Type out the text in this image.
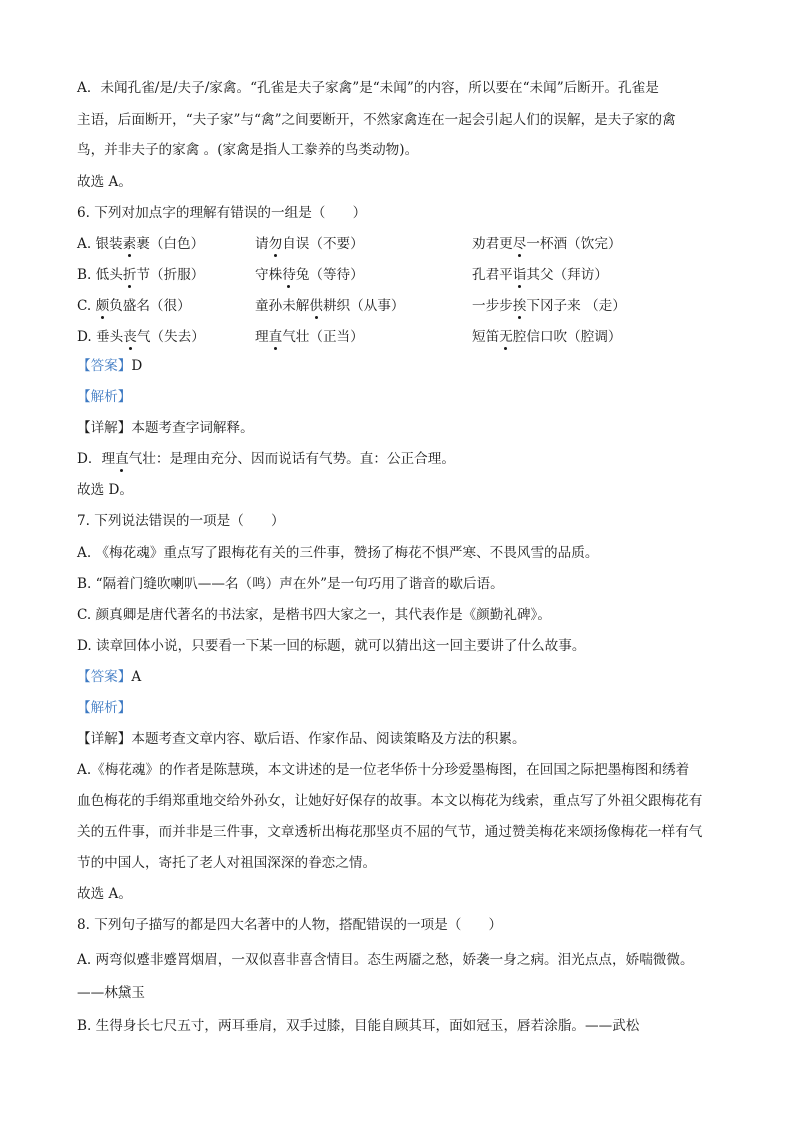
A．未闻孔雀/是/夫子/家禽。“孔雀是夫子家禽”是“未闻”的内容，所以要在“未闻”后断开。孔雀是
主语，后面断开，“夫子家”与“禽”之间要断开，不然家禽连在一起会引起人们的误解，是夫子家的禽
鸟，并非夫子的家禽 。(家禽是指人工豢养的鸟类动物)。
故选 A。
6. 下列对加点字的理解有错误的一组是（　　）
A. 银装素裹（白色）	请勿自误（不要）	劝君更尽一杯酒（饮完）
B. 低头折节（折服）	守株待兔（等待）	孔君平诣其父（拜访）
C. 颇负盛名（很）	童孙未解供耕织（从事）	一步步挨下冈子来 （走）
D. 垂头丧气（失去）	理直气壮（正当）	短笛无腔信口吹（腔调）
【答案】D
【解析】
【详解】本题考查字词解释。
D．理直气壮：是理由充分、因而说话有气势。直：公正合理。
故选 D。
7. 下列说法错误的一项是（　　）
A. 《梅花魂》重点写了跟梅花有关的三件事，赞扬了梅花不惧严寒、不畏风雪的品质。
B. “隔着门缝吹喇叭——名（鸣）声在外”是一句巧用了谐音的歇后语。
C. 颜真卿是唐代著名的书法家，是楷书四大家之一，其代表作是《颜勤礼碑》。
D. 读章回体小说，只要看一下某一回的标题，就可以猜出这一回主要讲了什么故事。
【答案】A
【解析】
【详解】本题考查文章内容、歇后语、作家作品、阅读策略及方法的积累。
A.《梅花魂》的作者是陈慧瑛，本文讲述的是一位老华侨十分珍爱墨梅图，在回国之际把墨梅图和绣着
血色梅花的手绢郑重地交给外孙女，让她好好保存的故事。本文以梅花为线索，重点写了外祖父跟梅花有
关的五件事，而并非是三件事，文章透析出梅花那坚贞不屈的气节，通过赞美梅花来颂扬像梅花一样有气
节的中国人，寄托了老人对祖国深深的眷恋之情。
故选 A。
8. 下列句子描写的都是四大名著中的人物，搭配错误的一项是（　　）
A. 两弯似蹙非蹙罥烟眉，一双似喜非喜含情目。态生两靥之愁，娇袭一身之病。泪光点点，娇喘微微。
——林黛玉
B. 生得身长七尺五寸，两耳垂肩，双手过膝，目能自顾其耳，面如冠玉，唇若涂脂。——武松
